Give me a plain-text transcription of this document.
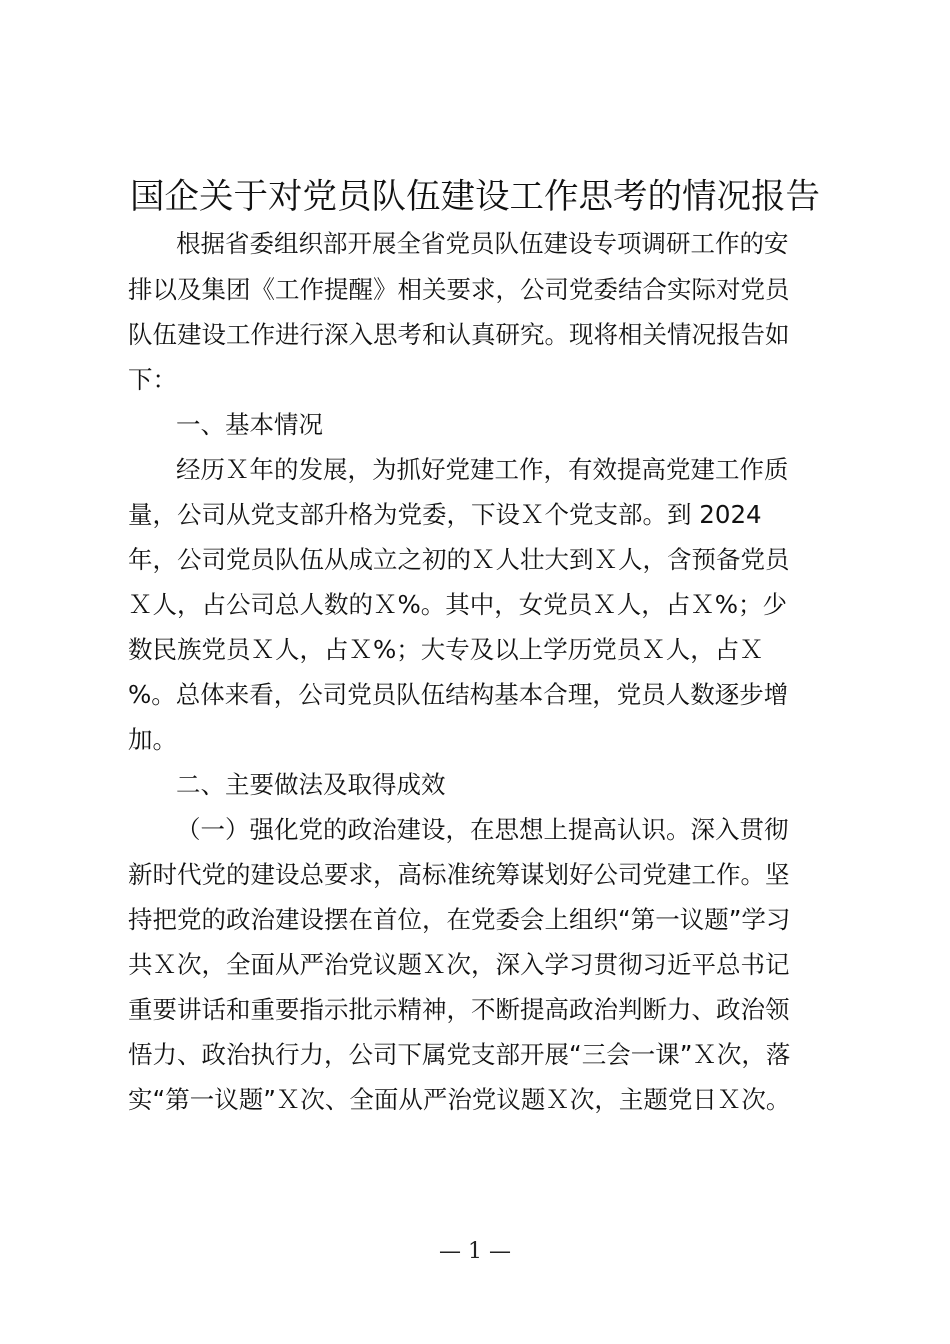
国企关于对党员队伍建设工作思考的情况报告
根据省委组织部开展全省党员队伍建设专项调研工作的安
排以及集团《工作提醒》相关要求，公司党委结合实际对党员
队伍建设工作进行深入思考和认真研究。现将相关情况报告如
下：
一、基本情况
经历Ｘ年的发展，为抓好党建工作，有效提高党建工作质
量，公司从党支部升格为党委，下设Ｘ个党支部。到 2024
年，公司党员队伍从成立之初的Ｘ人壮大到Ｘ人，含预备党员
Ｘ人，占公司总人数的Ｘ%。其中，女党员Ｘ人，占Ｘ%；少
数民族党员Ｘ人，占Ｘ%；大专及以上学历党员Ｘ人，占Ｘ
%。总体来看，公司党员队伍结构基本合理，党员人数逐步增
加。
二、主要做法及取得成效
（一）强化党的政治建设，在思想上提高认识。深入贯彻
新时代党的建设总要求，高标准统筹谋划好公司党建工作。坚
持把党的政治建设摆在首位，在党委会上组织“第一议题”学习
共Ｘ次，全面从严治党议题Ｘ次，深入学习贯彻习近平总书记
重要讲话和重要指示批示精神，不断提高政治判断力、政治领
悟力、政治执行力，公司下属党支部开展“三会一课”Ｘ次，落
实“第一议题”Ｘ次、全面从严治党议题Ｘ次，主题党日Ｘ次。
— 1 —
